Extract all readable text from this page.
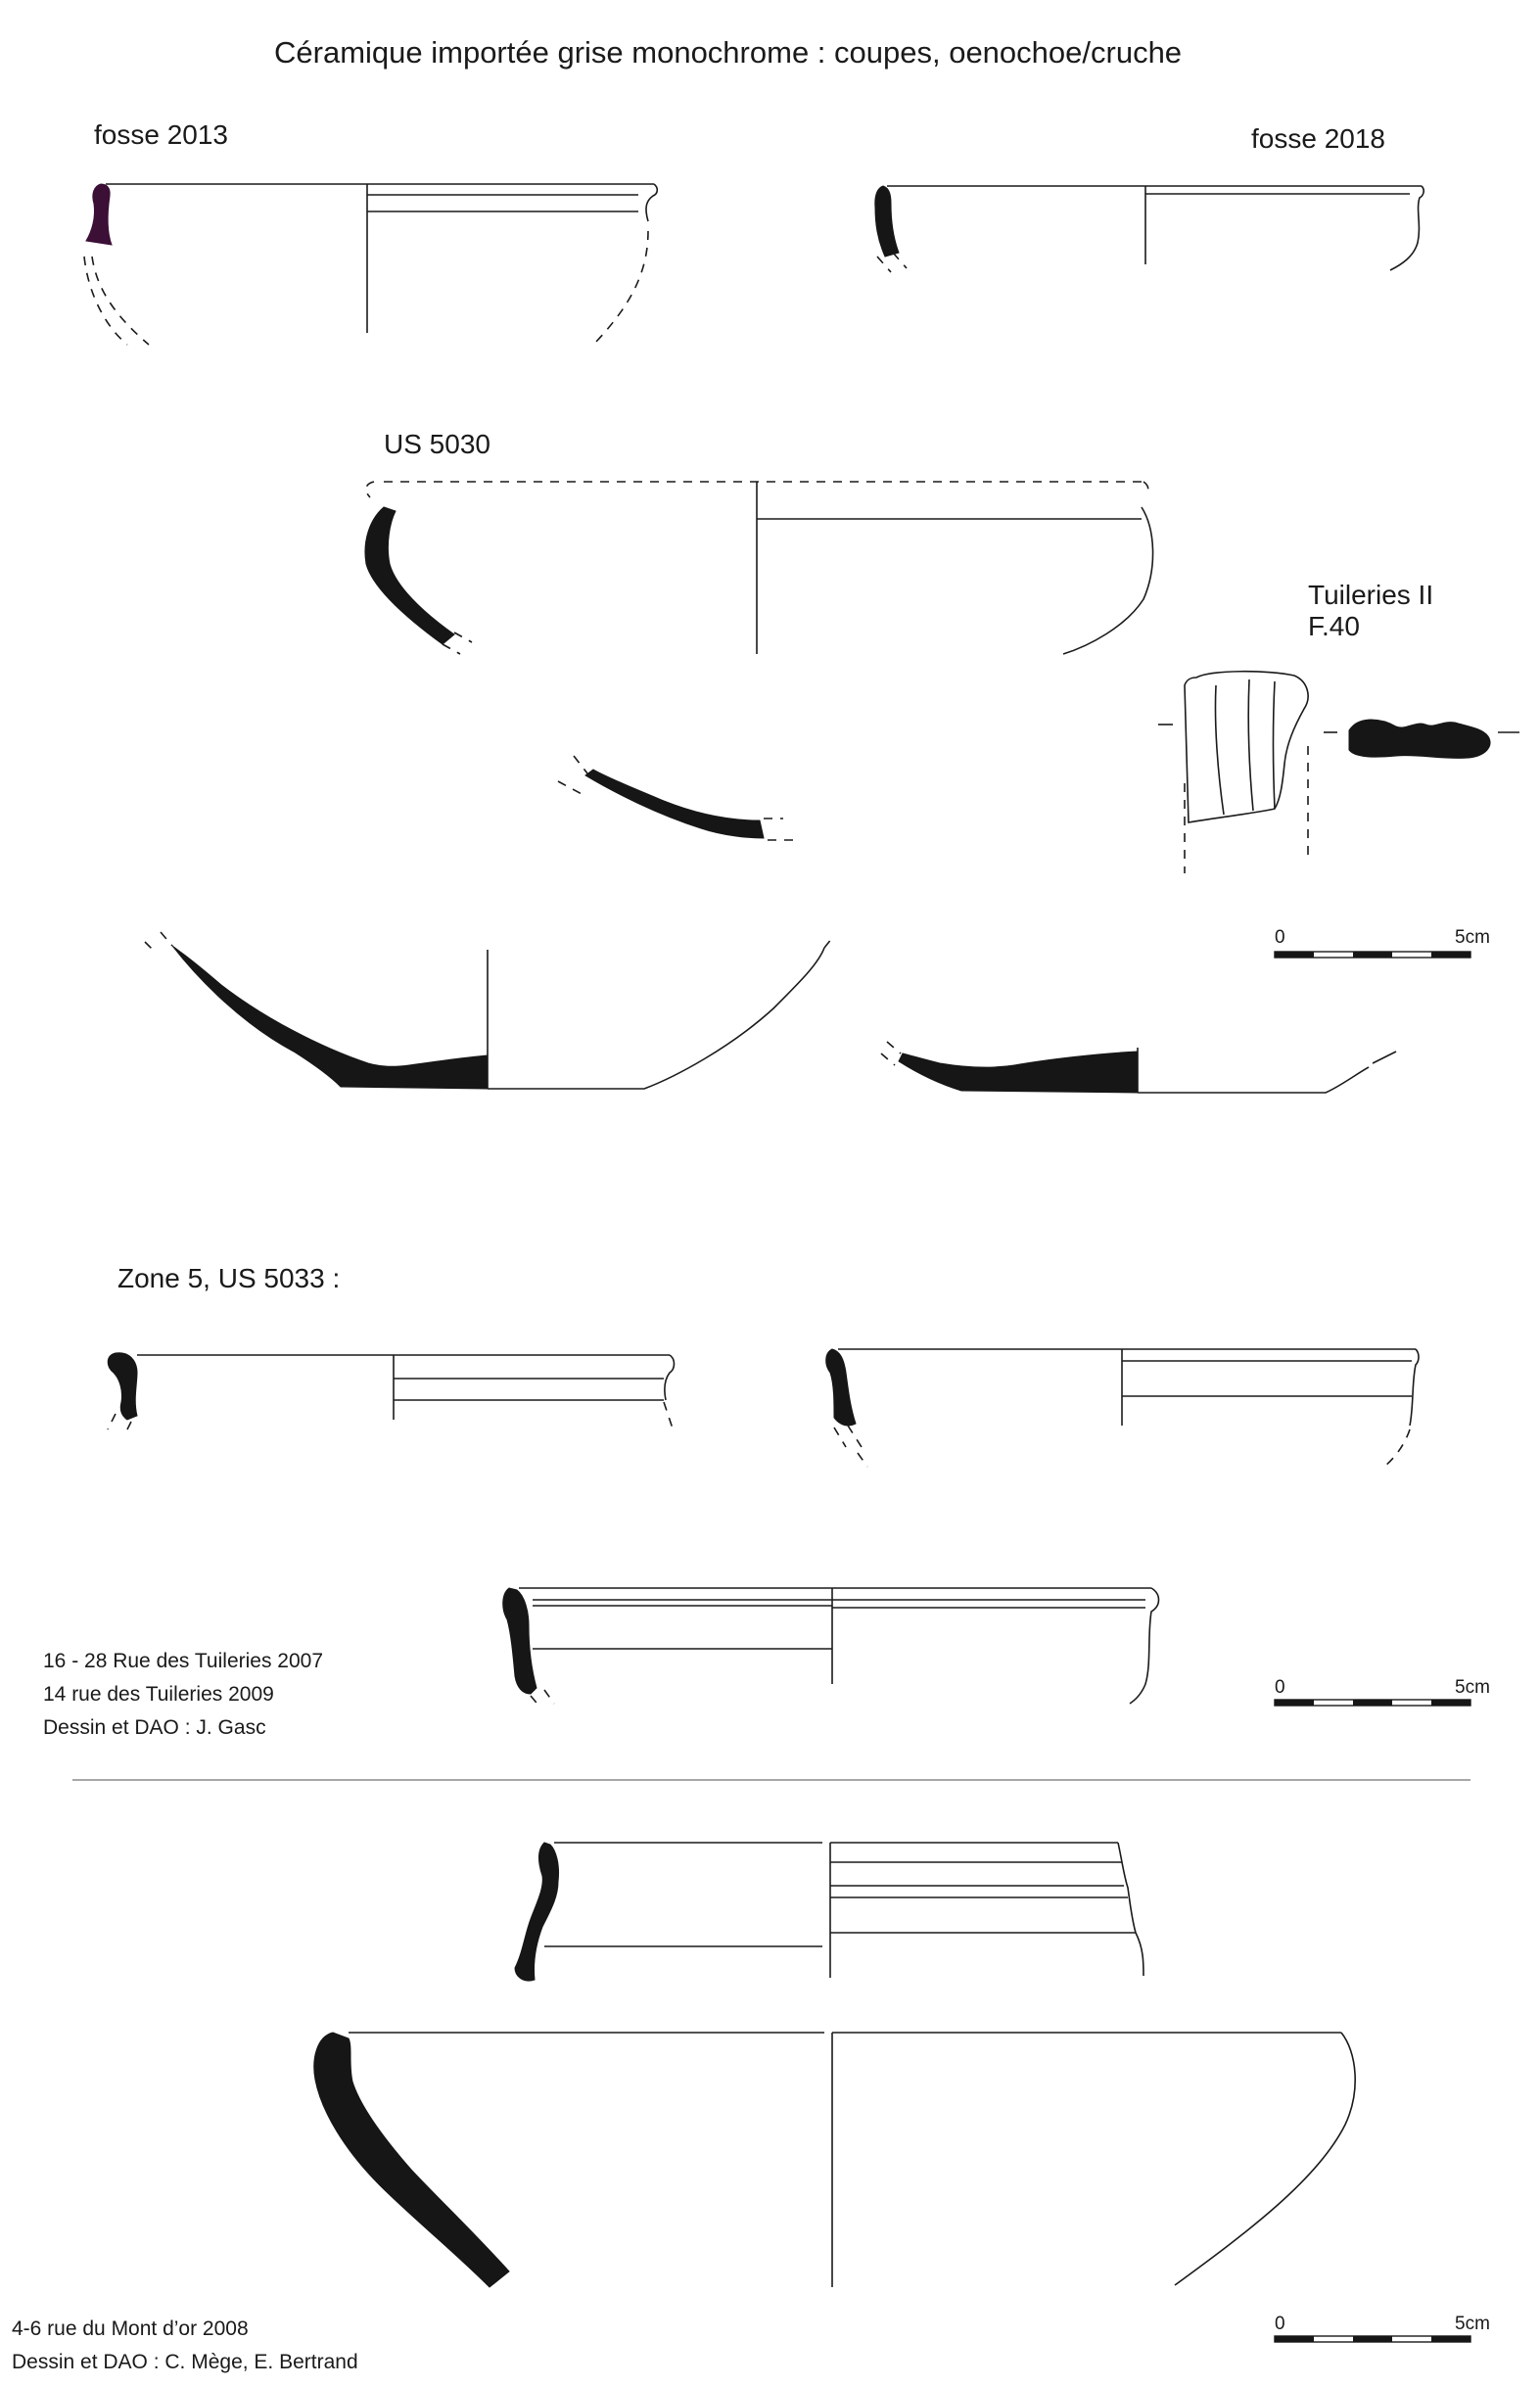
Céramique importée grise monochrome : coupes, oenochoe/cruche
fosse 2013	fosse 2018
US 5030
Tuileries II
F.40
Zone 5, US 5033 :
16 - 28 Rue des Tuileries 2007
14 rue des Tuileries 2009
Dessin et DAO : J. Gasc
4-6 rue du Mont d’or 2008
Dessin et DAO : C. Mège, E. Bertrand
0	5cm
0	5cm
0	5cm
